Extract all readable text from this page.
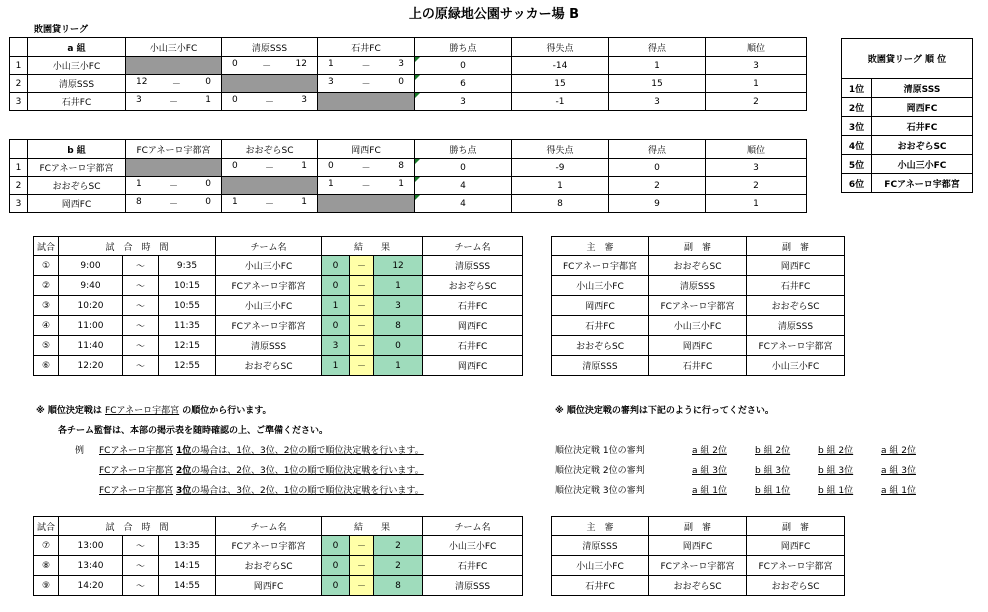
上の原緑地公園サッカー場 B
敗園貸リーグ
	a 組	小山三小FC	清原SSS	石井FC	勝ち点	得失点	得点	順位
1	小山三小FC		0 － 12	1 － 3	0	-14	1	3
2	清原SSS	12 － 0		3 － 0	6	15	15	1
3	石井FC	3 － 1	0 － 3		3	-1	3	2
	b 組	FCアネーロ宇都宮	おおぞらSC	岡西FC	勝ち点	得失点	得点	順位
1	FCアネーロ宇都宮		0 － 1	0 － 8	0	-9	0	3
2	おおぞらSC	1 － 0		1 － 1	4	1	2	2
3	岡西FC	8 － 0	1 － 1		4	8	9	1
敗園貸リーグ 順 位	
1位	清原SSS
2位	岡西FC
3位	石井FC
4位	おおぞらSC
5位	小山三小FC
6位	FCアネーロ宇都宮
試合	試　合　時　間			チーム名	結　　果			チーム名
①	9:00	～	9:35	小山三小FC	0	－	12	清原SSS
②	9:40	～	10:15	FCアネーロ宇都宮	0	－	1	おおぞらSC
③	10:20	～	10:55	小山三小FC	1	－	3	石井FC
④	11:00	～	11:35	FCアネーロ宇都宮	0	－	8	岡西FC
⑤	11:40	～	12:15	清原SSS	3	－	0	石井FC
⑥	12:20	～	12:55	おおぞらSC	1	－	1	岡西FC
主　審	副　審	副　審
FCアネーロ宇都宮	おおぞらSC	岡西FC
小山三小FC	清原SSS	石井FC
岡西FC	FCアネーロ宇都宮	おおぞらSC
石井FC	小山三小FC	清原SSS
おおぞらSC	岡西FC	FCアネーロ宇都宮
清原SSS	石井FC	小山三小FC
※ 順位決定戦は FCアネーロ宇都宮 の順位から行います。
各チーム監督は、本部の掲示表を随時確認の上、ご準備ください。
例 FCアネーロ宇都宮 1位の場合は、1位、3位、2位の順で順位決定戦を行います。
FCアネーロ宇都宮 2位の場合は、2位、3位、1位の順で順位決定戦を行います。
FCアネーロ宇都宮 3位の場合は、3位、2位、1位の順で順位決定戦を行います。
※ 順位決定戦の審判は下記のように行ってください。
順位決定戦 1位の審判	a 組 2位	b 組 2位	b 組 2位	a 組 2位
順位決定戦 2位の審判	a 組 3位	b 組 3位	b 組 3位	a 組 3位
順位決定戦 3位の審判	a 組 1位	b 組 1位	b 組 1位	a 組 1位
試合	試　合　時　間			チーム名	結　　果			チーム名
⑦	13:00	～	13:35	FCアネーロ宇都宮	0	－	2	小山三小FC
⑧	13:40	～	14:15	おおぞらSC	0	－	2	石井FC
⑨	14:20	～	14:55	岡西FC	0	－	8	清原SSS
主　審	副　審	副　審
清原SSS	岡西FC	岡西FC
小山三小FC	FCアネーロ宇都宮	FCアネーロ宇都宮
石井FC	おおぞらSC	おおぞらSC
